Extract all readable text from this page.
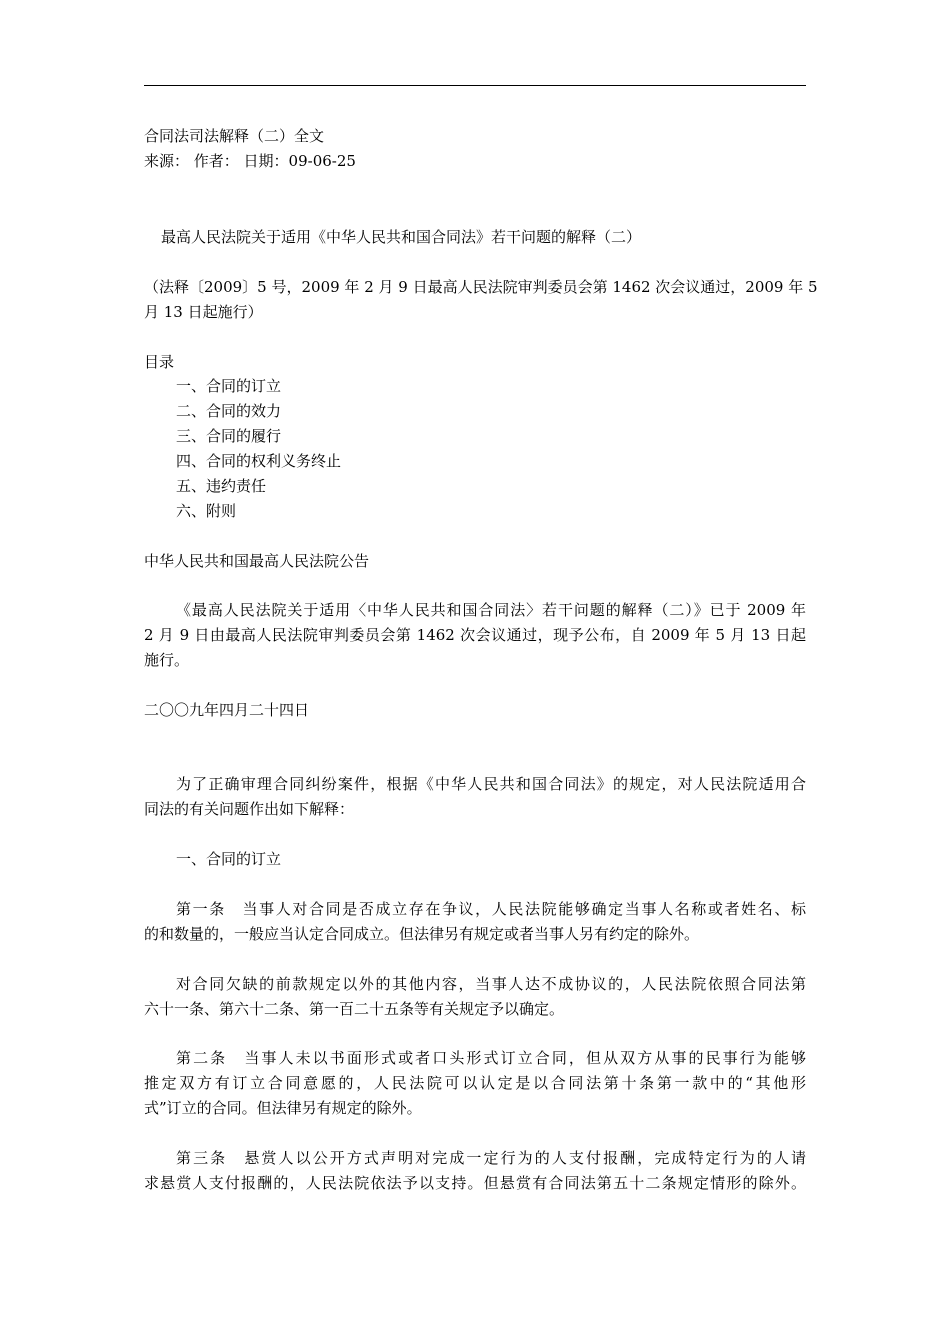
合同法司法解释（二）全文
来源： 作者： 日期：09-06-25
最高人民法院关于适用《中华人民共和国合同法》若干问题的解释（二）
（法释〔2009〕5 号，2009 年 2 月 9 日最高人民法院审判委员会第 1462 次会议通过，2009 年 5
月 13 日起施行）
目录
一、合同的订立
二、合同的效力
三、合同的履行
四、合同的权利义务终止
五、违约责任
六、附则
中华人民共和国最高人民法院公告
《最高人民法院关于适用〈中华人民共和国合同法〉若干问题的解释（二）》已于 2009 年
2 月 9 日由最高人民法院审判委员会第 1462 次会议通过，现予公布，自 2009 年 5 月 13 日起
施行。
二〇〇九年四月二十四日
为了正确审理合同纠纷案件，根据《中华人民共和国合同法》的规定，对人民法院适用合
同法的有关问题作出如下解释：
一、合同的订立
第一条　当事人对合同是否成立存在争议，人民法院能够确定当事人名称或者姓名、标
的和数量的，一般应当认定合同成立。但法律另有规定或者当事人另有约定的除外。
对合同欠缺的前款规定以外的其他内容，当事人达不成协议的，人民法院依照合同法第
六十一条、第六十二条、第一百二十五条等有关规定予以确定。
第二条　当事人未以书面形式或者口头形式订立合同，但从双方从事的民事行为能够
推定双方有订立合同意愿的，人民法院可以认定是以合同法第十条第一款中的“其他形
式”订立的合同。但法律另有规定的除外。
第三条　悬赏人以公开方式声明对完成一定行为的人支付报酬，完成特定行为的人请
求悬赏人支付报酬的，人民法院依法予以支持。但悬赏有合同法第五十二条规定情形的除外。
